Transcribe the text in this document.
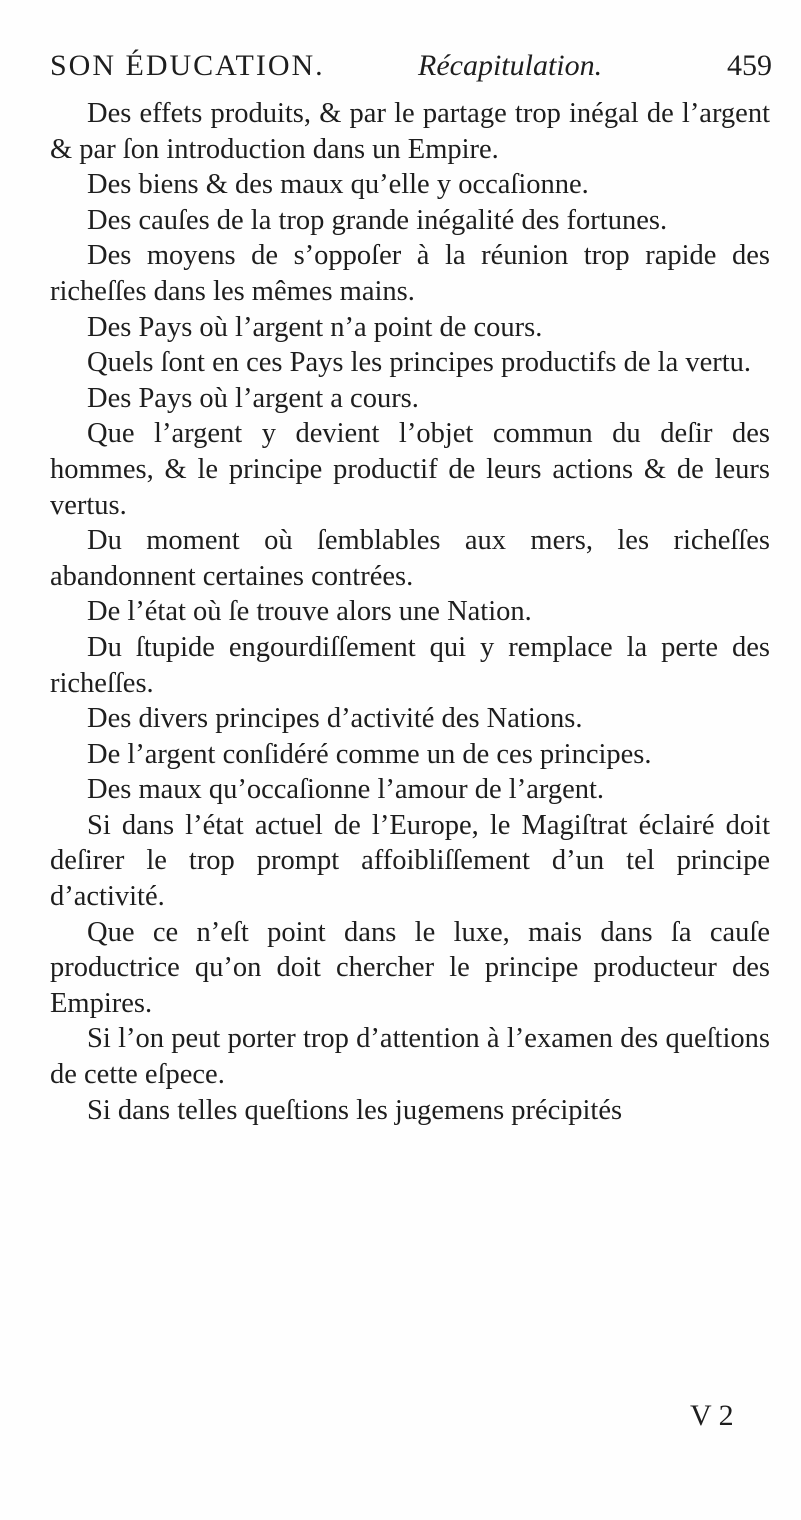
SON ÉDUCATION.	Récapitulation.	459

Des effets produits, & par le partage trop inégal de l’argent & par ſon introduction dans un Empire.

Des biens & des maux qu’elle y occaſionne.

Des cauſes de la trop grande inégalité des fortunes.

Des moyens de s’oppoſer à la réunion trop rapide des richeſſes dans les mêmes mains.

Des Pays où l’argent n’a point de cours.

Quels ſont en ces Pays les principes productifs de la vertu.

Des Pays où l’argent a cours.

Que l’argent y devient l’objet commun du deſir des hommes, & le principe productif de leurs actions & de leurs vertus.

Du moment où ſemblables aux mers, les richeſſes abandonnent certaines contrées.

De l’état où ſe trouve alors une Nation.

Du ſtupide engourdiſſement qui y remplace la perte des richeſſes.

Des divers principes d’activité des Nations.

De l’argent conſidéré comme un de ces principes.

Des maux qu’occaſionne l’amour de l’argent.

Si dans l’état actuel de l’Europe, le Magiſtrat éclairé doit deſirer le trop prompt affoibliſſement d’un tel principe d’activité.

Que ce n’eſt point dans le luxe, mais dans ſa cauſe productrice qu’on doit chercher le principe producteur des Empires.

Si l’on peut porter trop d’attention à l’examen des queſtions de cette eſpece.

Si dans telles queſtions les jugemens précipités

V 2
